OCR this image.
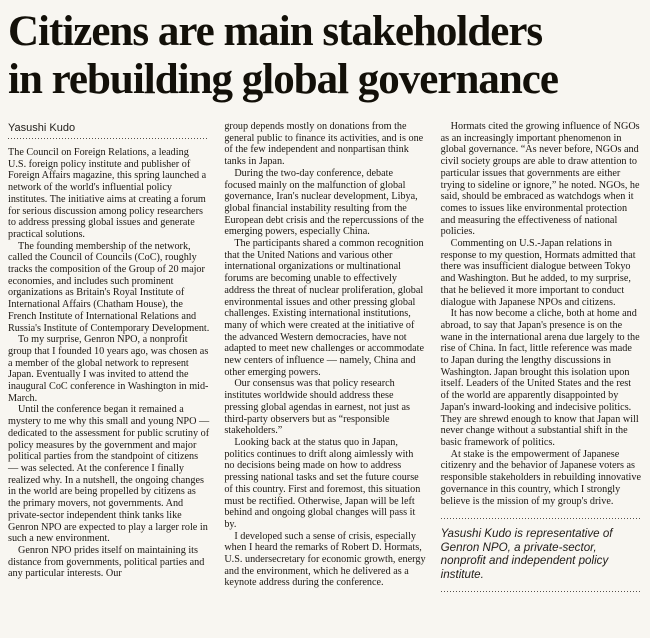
Citizens are main stakeholders
in rebuilding global governance
Yasushi Kudo

The Council on Foreign Relations, a leading U.S. foreign policy institute and publisher of Foreign Affairs magazine, this spring launched a network of the world's influential policy institutes. The initiative aims at creating a forum for serious discussion among policy researchers to address pressing global issues and generate practical solutions.

The founding membership of the network, called the Council of Councils (CoC), roughly tracks the composition of the Group of 20 major economies, and includes such prominent organizations as Britain's Royal Institute of International Affairs (Chatham House), the French Institute of International Relations and Russia's Institute of Contemporary Development.

To my surprise, Genron NPO, a nonprofit group that I founded 10 years ago, was chosen as a member of the global network to represent Japan. Eventually I was invited to attend the inaugural CoC conference in Washington in mid-March.

Until the conference began it remained a mystery to me why this small and young NPO — dedicated to the assessment for public scrutiny of policy measures by the government and major political parties from the standpoint of citizens — was selected. At the conference I finally realized why. In a nutshell, the ongoing changes in the world are being propelled by citizens as the primary movers, not governments. And private-sector independent think tanks like Genron NPO are expected to play a larger role in such a new environment.

Genron NPO prides itself on maintaining its distance from governments, political parties and any particular interests. Our

group depends mostly on donations from the general public to finance its activities, and is one of the few independent and nonpartisan think tanks in Japan.

During the two-day conference, debate focused mainly on the malfunction of global governance, Iran's nuclear development, Libya, global financial instability resulting from the European debt crisis and the repercussions of the emerging powers, especially China.

The participants shared a common recognition that the United Nations and various other international organizations or multinational forums are becoming unable to effectively address the threat of nuclear proliferation, global environmental issues and other pressing global challenges. Existing international institutions, many of which were created at the initiative of the advanced Western democracies, have not adapted to meet new challenges or accommodate new centers of influence — namely, China and other emerging powers.

Our consensus was that policy research institutes worldwide should address these pressing global agendas in earnest, not just as third-party observers but as “responsible stakeholders.”

Looking back at the status quo in Japan, politics continues to drift along aimlessly with no decisions being made on how to address pressing national tasks and set the future course of this country. First and foremost, this situation must be rectified. Otherwise, Japan will be left behind and ongoing global changes will pass it by.

I developed such a sense of crisis, especially when I heard the remarks of Robert D. Hormats, U.S. undersecretary for economic growth, energy and the environment, which he delivered as a keynote address during the conference.

Hormats cited the growing influence of NGOs as an increasingly important phenomenon in global governance. “As never before, NGOs and civil society groups are able to draw attention to particular issues that governments are either trying to sideline or ignore,” he noted. NGOs, he said, should be embraced as watchdogs when it comes to issues like environmental protection and measuring the effectiveness of national policies.

Commenting on U.S.-Japan relations in response to my question, Hormats admitted that there was insufficient dialogue between Tokyo and Washington. But he added, to my surprise, that he believed it more important to conduct dialogue with Japanese NPOs and citizens.

It has now become a cliche, both at home and abroad, to say that Japan's presence is on the wane in the international arena due largely to the rise of China. In fact, little reference was made to Japan during the lengthy discussions in Washington. Japan brought this isolation upon itself. Leaders of the United States and the rest of the world are apparently disappointed by Japan's inward-looking and indecisive politics. They are shrewd enough to know that Japan will never change without a substantial shift in the basic framework of politics.

At stake is the empowerment of Japanese citizenry and the behavior of Japanese voters as responsible stakeholders in rebuilding innovative governance in this country, which I strongly believe is the mission of my group's drive.

Yasushi Kudo is representative of Genron NPO, a private-sector, nonprofit and independent policy institute.
